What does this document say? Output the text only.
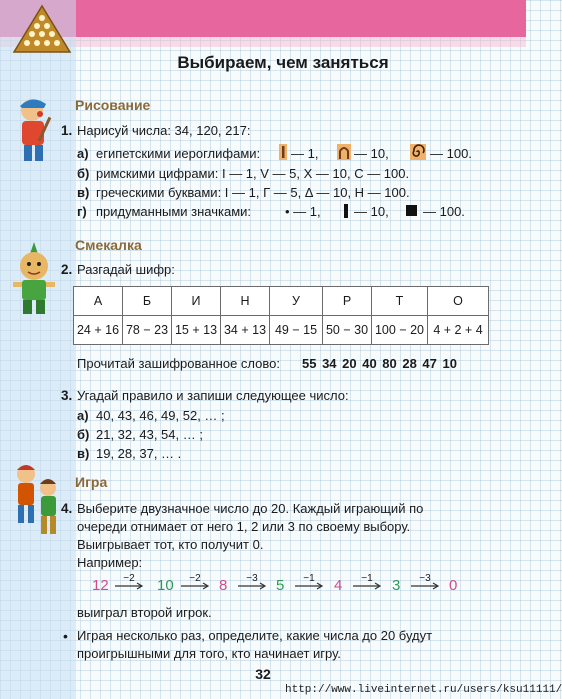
Выбираем, чем заняться
Рисование
1. Нарисуй числа: 34, 120, 217:
а) египетскими иероглифами: — 1,	— 10,	— 100.
б) римскими цифрами: I — 1, V — 5, X — 10, C — 100.
в) греческими буквами: I — 1, Г — 5, Δ — 10, Н — 100.
г) придуманными значками:	• — 1,	— 10,	— 100.
Смекалка
2. Разгадай шифр:
А	Б	И	Н	У	Р	Т	О
24 + 16	78 − 23	15 + 13	34 + 13	49 − 15	50 − 30	100 − 20	4 + 2 + 4
Прочитай зашифрованное слово: 55 34 20 40 80 28 47 10
3. Угадай правило и запиши следующее число:
а) 40, 43, 46, 49, 52, … ;
б) 21, 32, 43, 54, … ;
в) 19, 28, 37, … .
Игра
4. Выберите двузначное число до 20. Каждый играющий по
очереди отнимает от него 1, 2 или 3 по своему выбору.
Выигрывает тот, кто получит 0.
Например:
12	−2	10	−2	8	−3	5	−1	4	−1	3	−3	0
выиграл второй игрок.
• Играя несколько раз, определите, какие числа до 20 будут
проигрышными для того, кто начинает игру.
32
http://www.liveinternet.ru/users/ksu11111/
